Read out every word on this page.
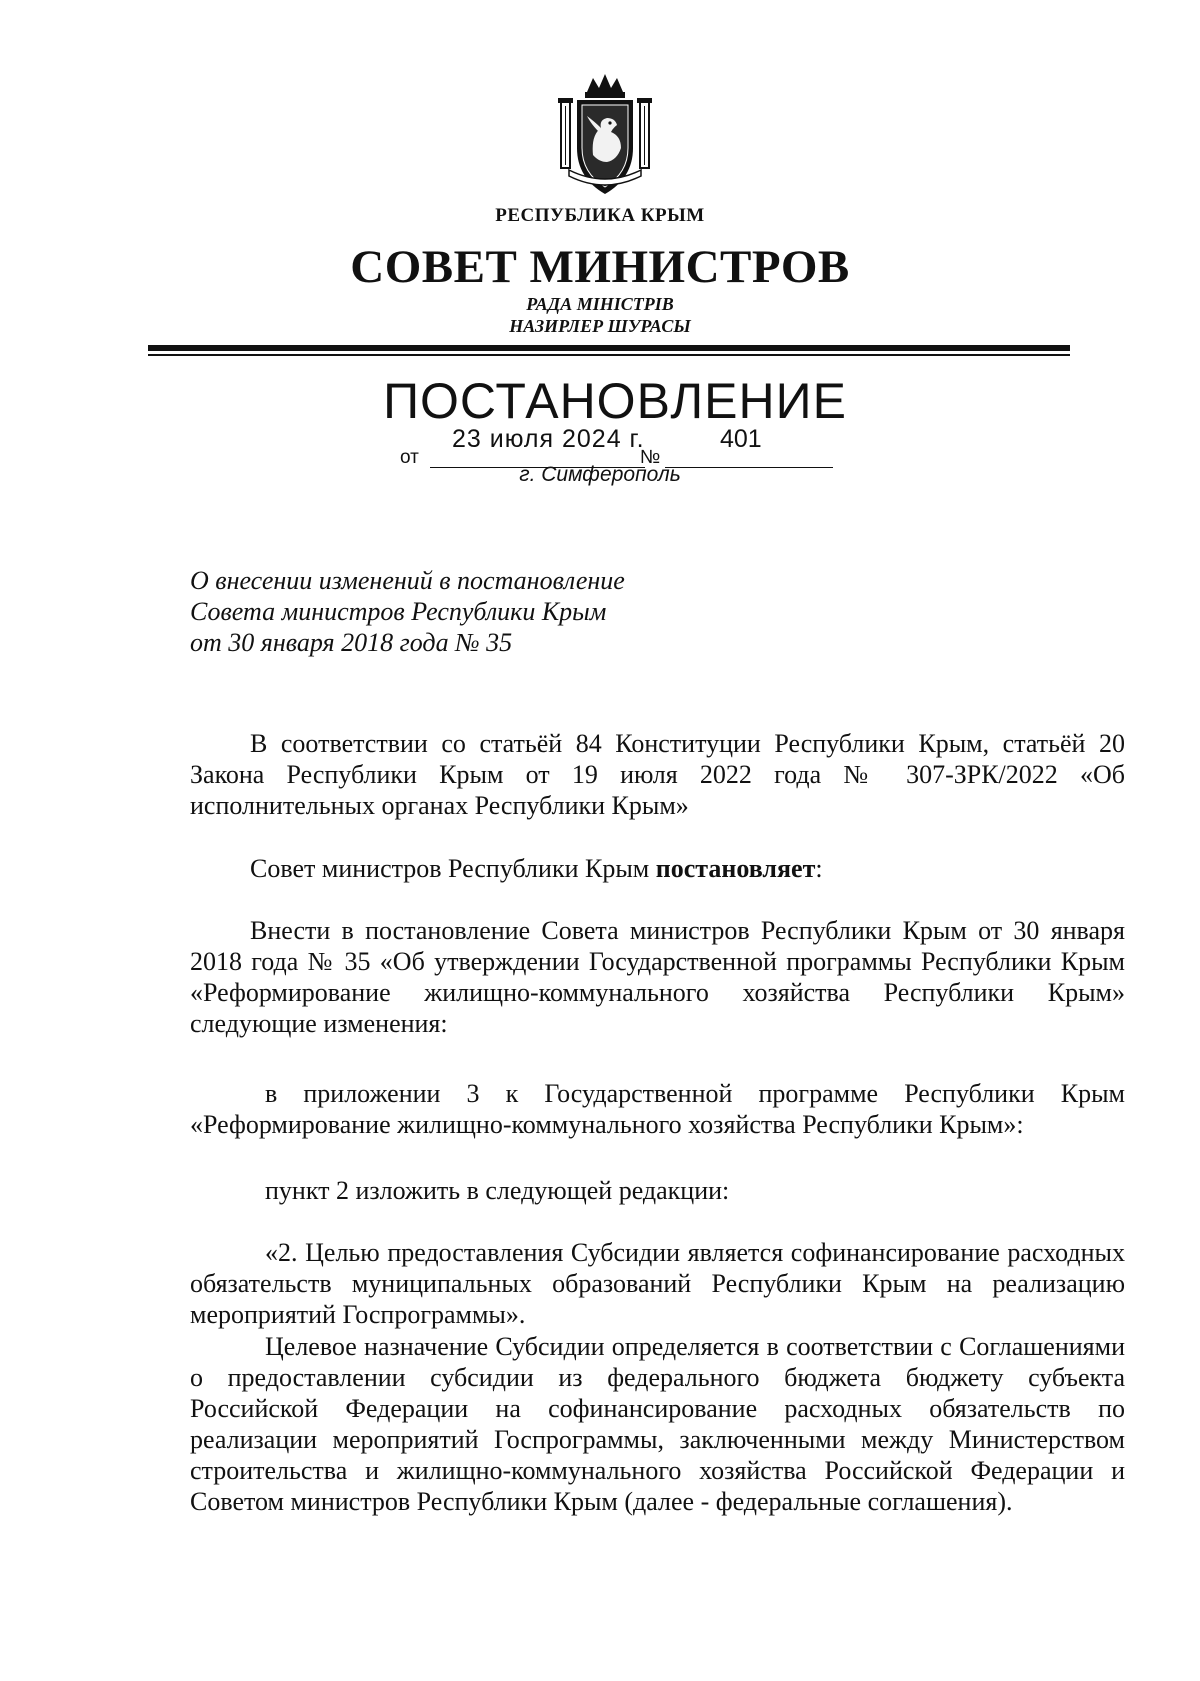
РЕСПУБЛИКА КРЫМ
СОВЕТ МИНИСТРОВ
РАДА МІНІСТРІВ
НАЗИРЛЕР ШУРАСЫ
ПОСТАНОВЛЕНИЕ
от
23 июля 2024 г.
№
401
г. Симферополь
О внесении изменений в постановление
Совета министров Республики Крым
от 30 января 2018 года № 35
В соответствии со статьёй 84 Конституции Республики Крым, статьёй 20 Закона Республики Крым от 19 июля 2022 года № 307-ЗРК/2022 «Об исполнительных органах Республики Крым»
Совет министров Республики Крым постановляет:
Внести в постановление Совета министров Республики Крым от 30 января 2018 года № 35 «Об утверждении Государственной программы Республики Крым «Реформирование жилищно-коммунального хозяйства Республики Крым» следующие изменения:
в приложении 3 к Государственной программе Республики Крым «Реформирование жилищно-коммунального хозяйства Республики Крым»:
пункт 2 изложить в следующей редакции:
«2. Целью предоставления Субсидии является софинансирование расходных обязательств муниципальных образований Республики Крым на реализацию мероприятий Госпрограммы».
Целевое назначение Субсидии определяется в соответствии с Соглашениями о предоставлении субсидии из федерального бюджета бюджету субъекта Российской Федерации на софинансирование расходных обязательств по реализации мероприятий Госпрограммы, заключенными между Министерством строительства и жилищно-коммунального хозяйства Российской Федерации и Советом министров Республики Крым (далее - федеральные соглашения).
